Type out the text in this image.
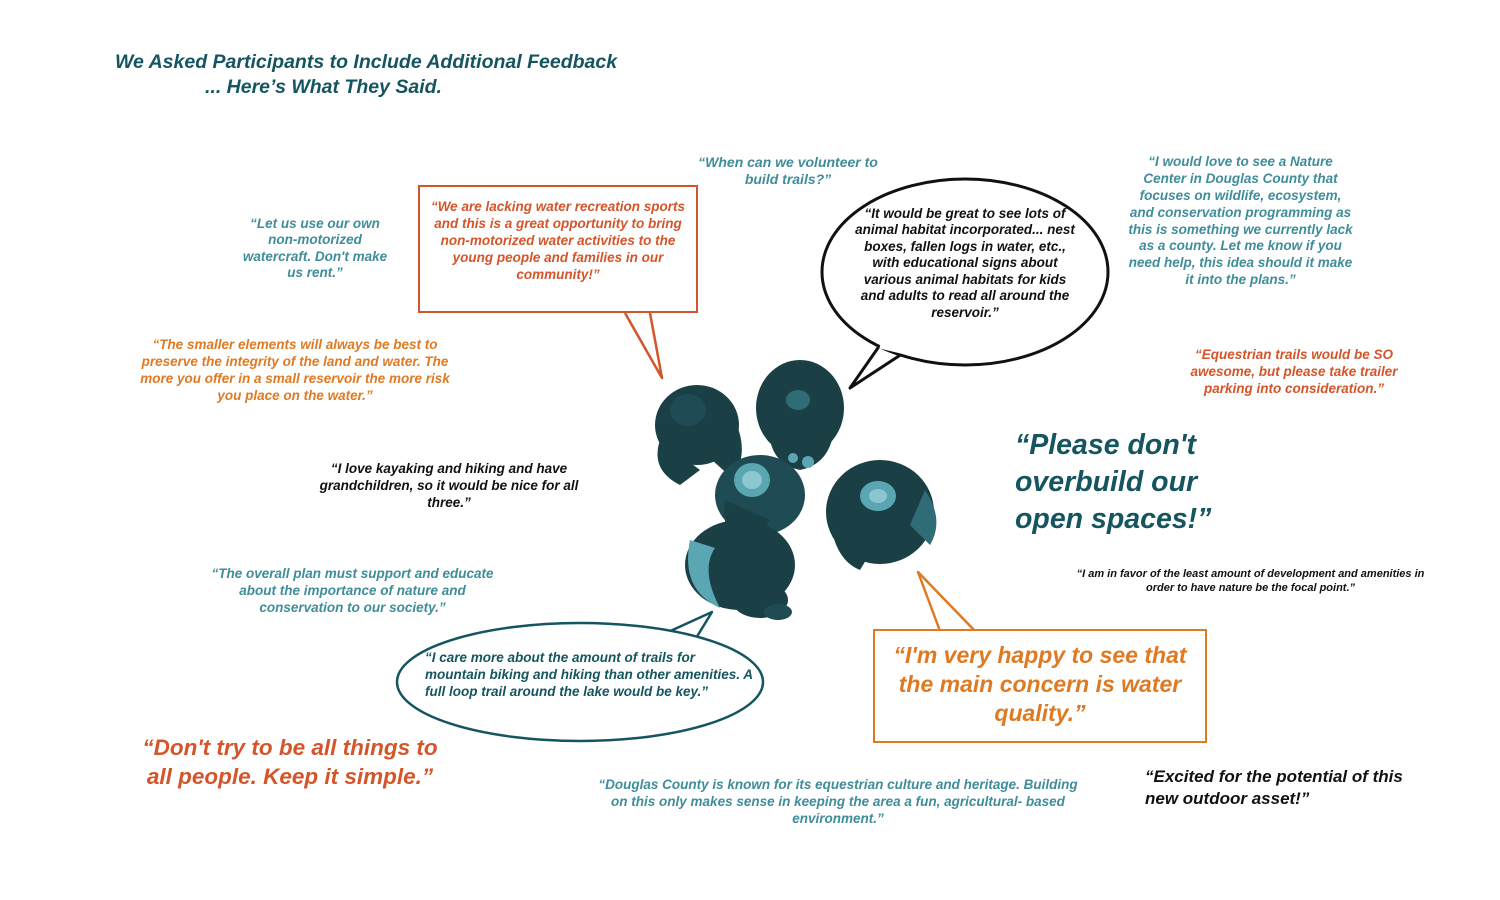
We Asked Participants to Include Additional Feedback
... Here’s What They Said.

“When can we volunteer to build trails?”

“Let us use our own non-motorized watercraft. Don't make us rent.”

“We are lacking water recreation sports and this is a great opportunity to bring non-motorized water activities to the young people and families in our community!”

“It would be great to see lots of animal habitat incorporated... nest boxes, fallen logs in water, etc., with educational signs about various animal habitats for kids and adults to read all around the reservoir.”

“I would love to see a Nature Center in Douglas County that focuses on wildlife, ecosystem, and conservation programming as this is something we currently lack as a county. Let me know if you need help, this idea should it make it into the plans.”

“The smaller elements will always be best to preserve the integrity of the land and water. The more you offer in a small reservoir the more risk you place on the water.”

“Equestrian trails would be SO awesome, but please take trailer parking into consideration.”

“I love kayaking and hiking and have grandchildren, so it would be nice for all three.”

“Please don't overbuild our open spaces!”

“I am in favor of the least amount of development and amenities in order to have nature be the focal point.”

“The overall plan must support and educate about the importance of nature and conservation to our society.”

“I care more about the amount of trails for mountain biking and hiking than other amenities. A full loop trail around the lake would be key.”

“I'm very happy to see that the main concern is water quality.”

“Don't try to be all things to all people. Keep it simple.”	“Douglas County is known for its equestrian culture and heritage. Building on this only makes sense in keeping the area a fun, agricultural- based environment.”

“Excited for the potential of this new outdoor asset!”
